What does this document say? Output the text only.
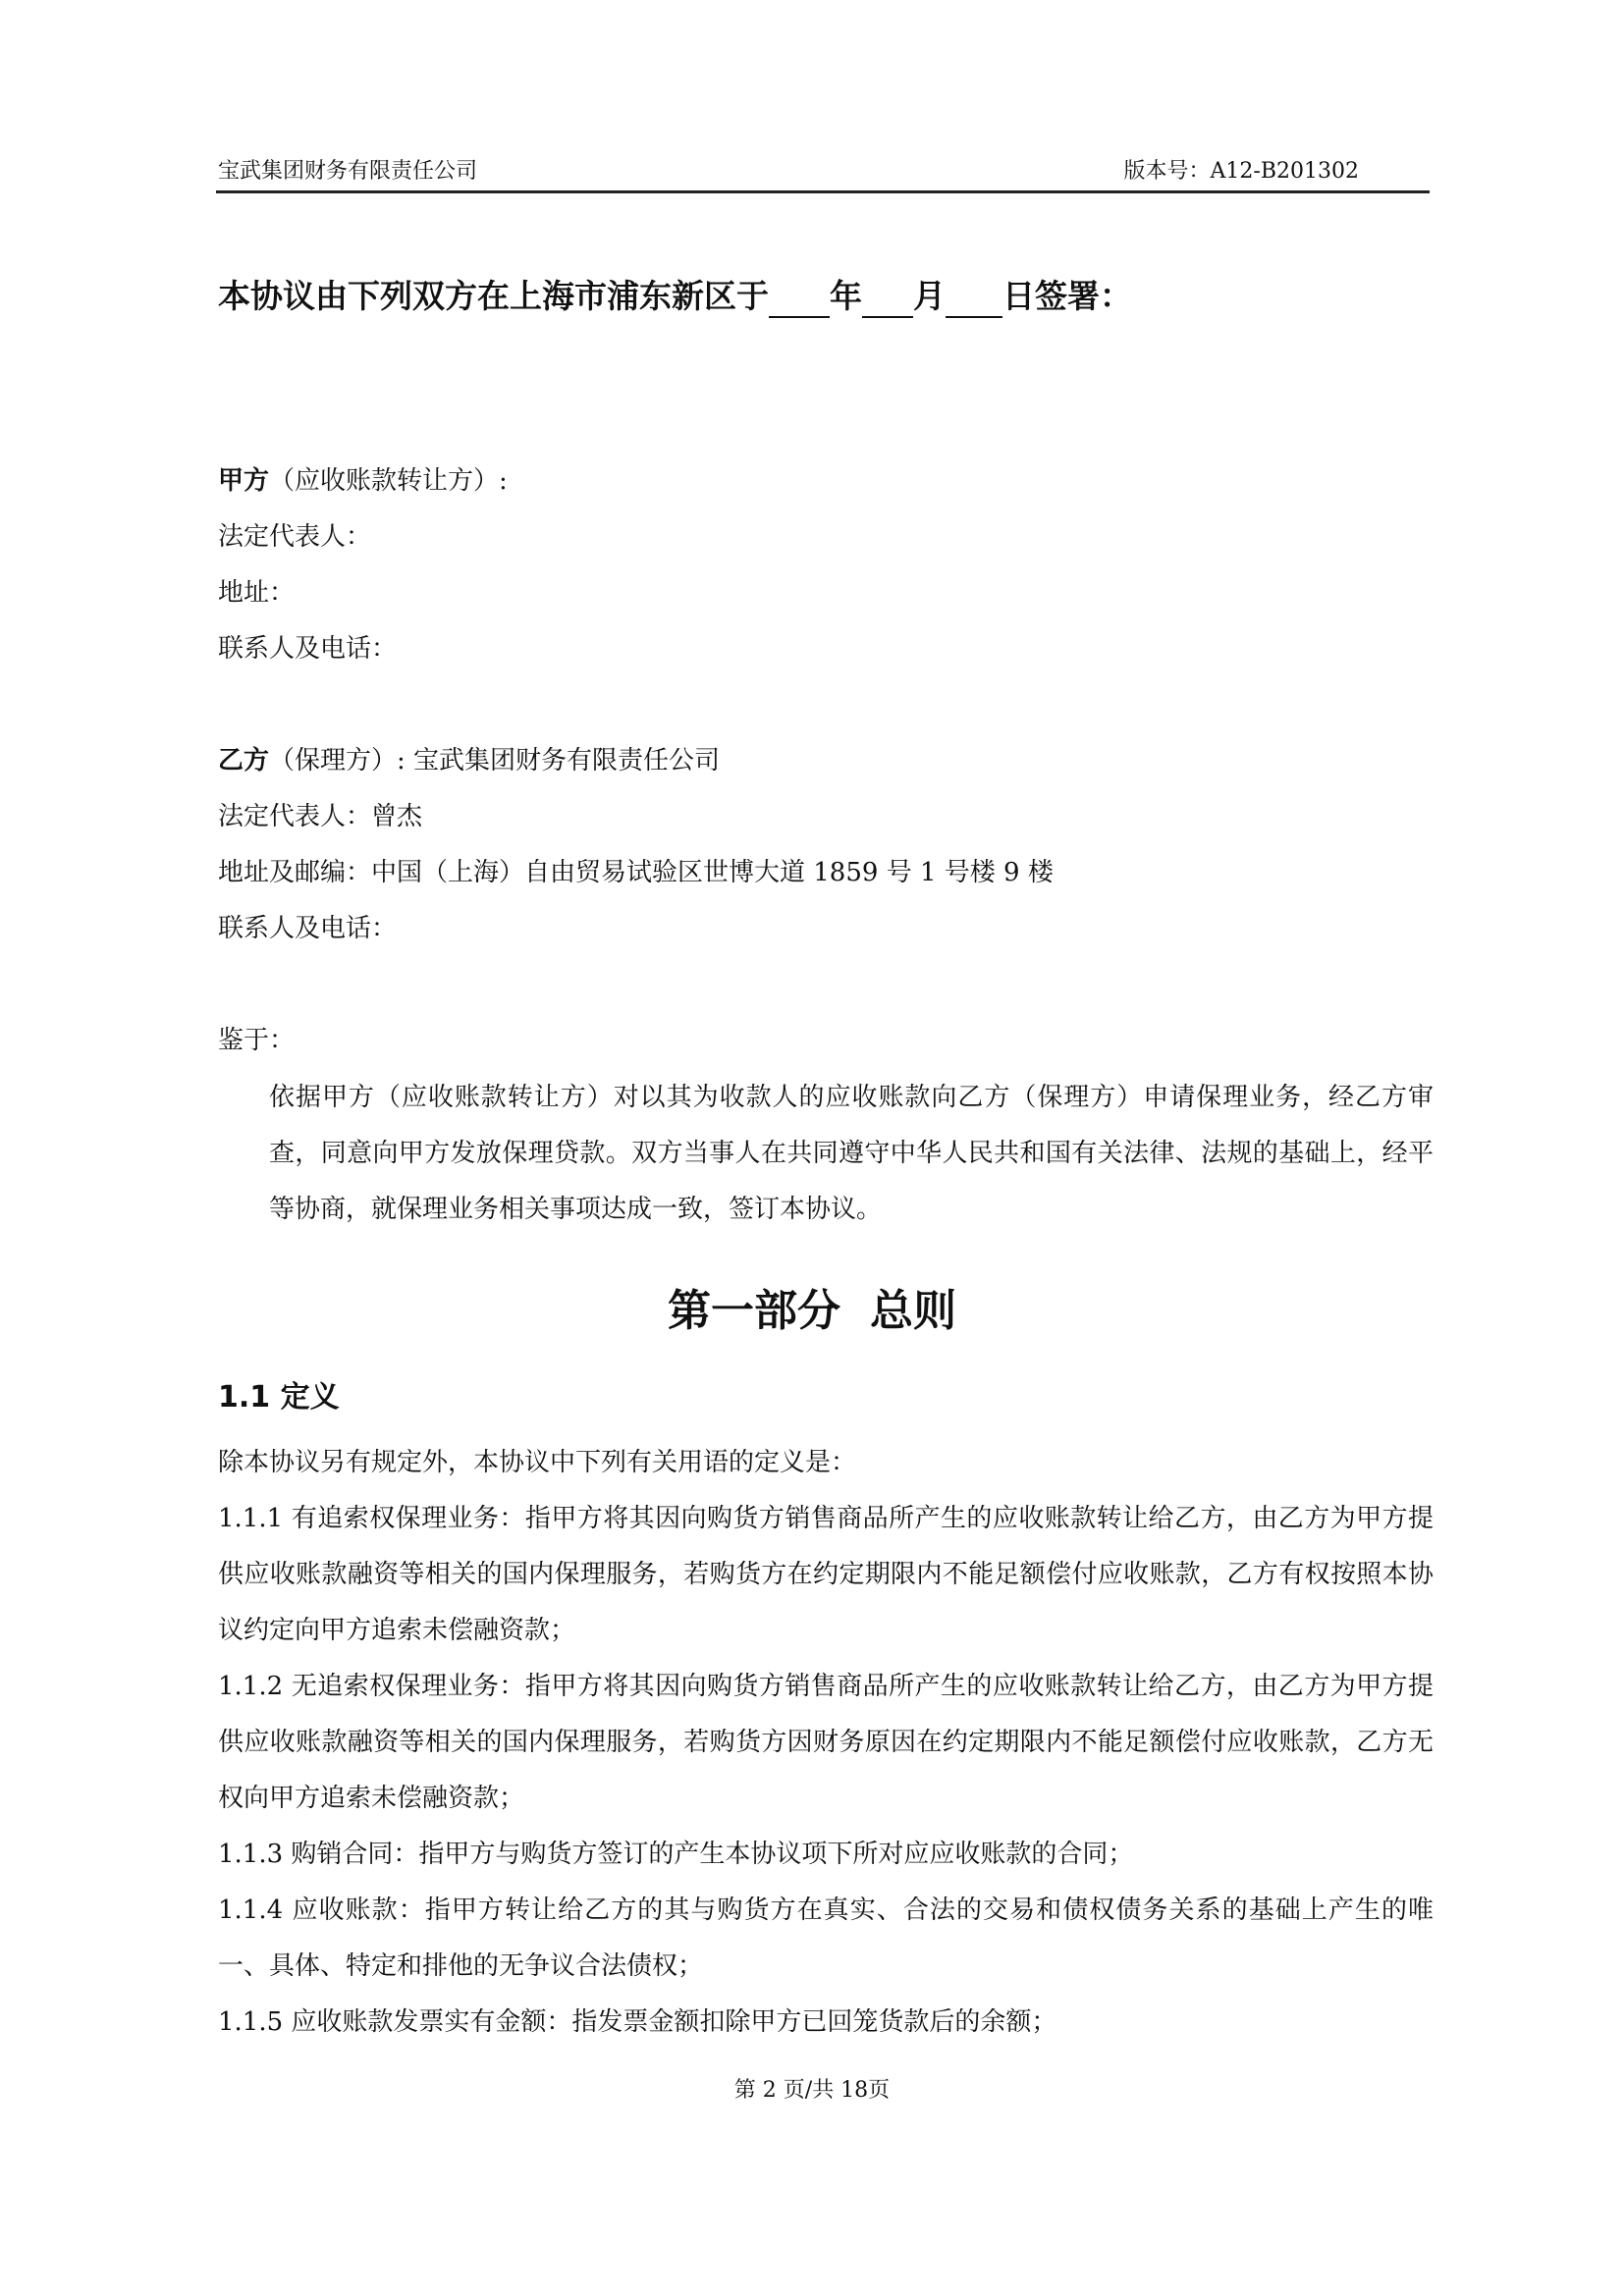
宝武集团财务有限责任公司	版本号：A12-B201302
本协议由下列双方在上海市浦东新区于 年 月 日签署：
甲方（应收账款转让方）:
法定代表人：
地址：
联系人及电话：
乙方（保理方）: 宝武集团财务有限责任公司
法定代表人：曾杰
地址及邮编：中国（上海）自由贸易试验区世博大道 1859 号 1 号楼 9 楼
联系人及电话：
鉴于：
依据甲方（应收账款转让方）对以其为收款人的应收账款向乙方（保理方）申请保理业务，经乙方审查，同意向甲方发放保理贷款。双方当事人在共同遵守中华人民共和国有关法律、法规的基础上，经平等协商，就保理业务相关事项达成一致，签订本协议。
第一部分 总则
1.1 定义
除本协议另有规定外，本协议中下列有关用语的定义是：
1.1.1 有追索权保理业务：指甲方将其因向购货方销售商品所产生的应收账款转让给乙方，由乙方为甲方提供应收账款融资等相关的国内保理服务，若购货方在约定期限内不能足额偿付应收账款，乙方有权按照本协议约定向甲方追索未偿融资款；
1.1.2 无追索权保理业务：指甲方将其因向购货方销售商品所产生的应收账款转让给乙方，由乙方为甲方提供应收账款融资等相关的国内保理服务，若购货方因财务原因在约定期限内不能足额偿付应收账款，乙方无权向甲方追索未偿融资款；
1.1.3 购销合同：指甲方与购货方签订的产生本协议项下所对应应收账款的合同；
1.1.4 应收账款：指甲方转让给乙方的其与购货方在真实、合法的交易和债权债务关系的基础上产生的唯一、具体、特定和排他的无争议合法债权；
1.1.5 应收账款发票实有金额：指发票金额扣除甲方已回笼货款后的余额；
第 2 页/共 18页
